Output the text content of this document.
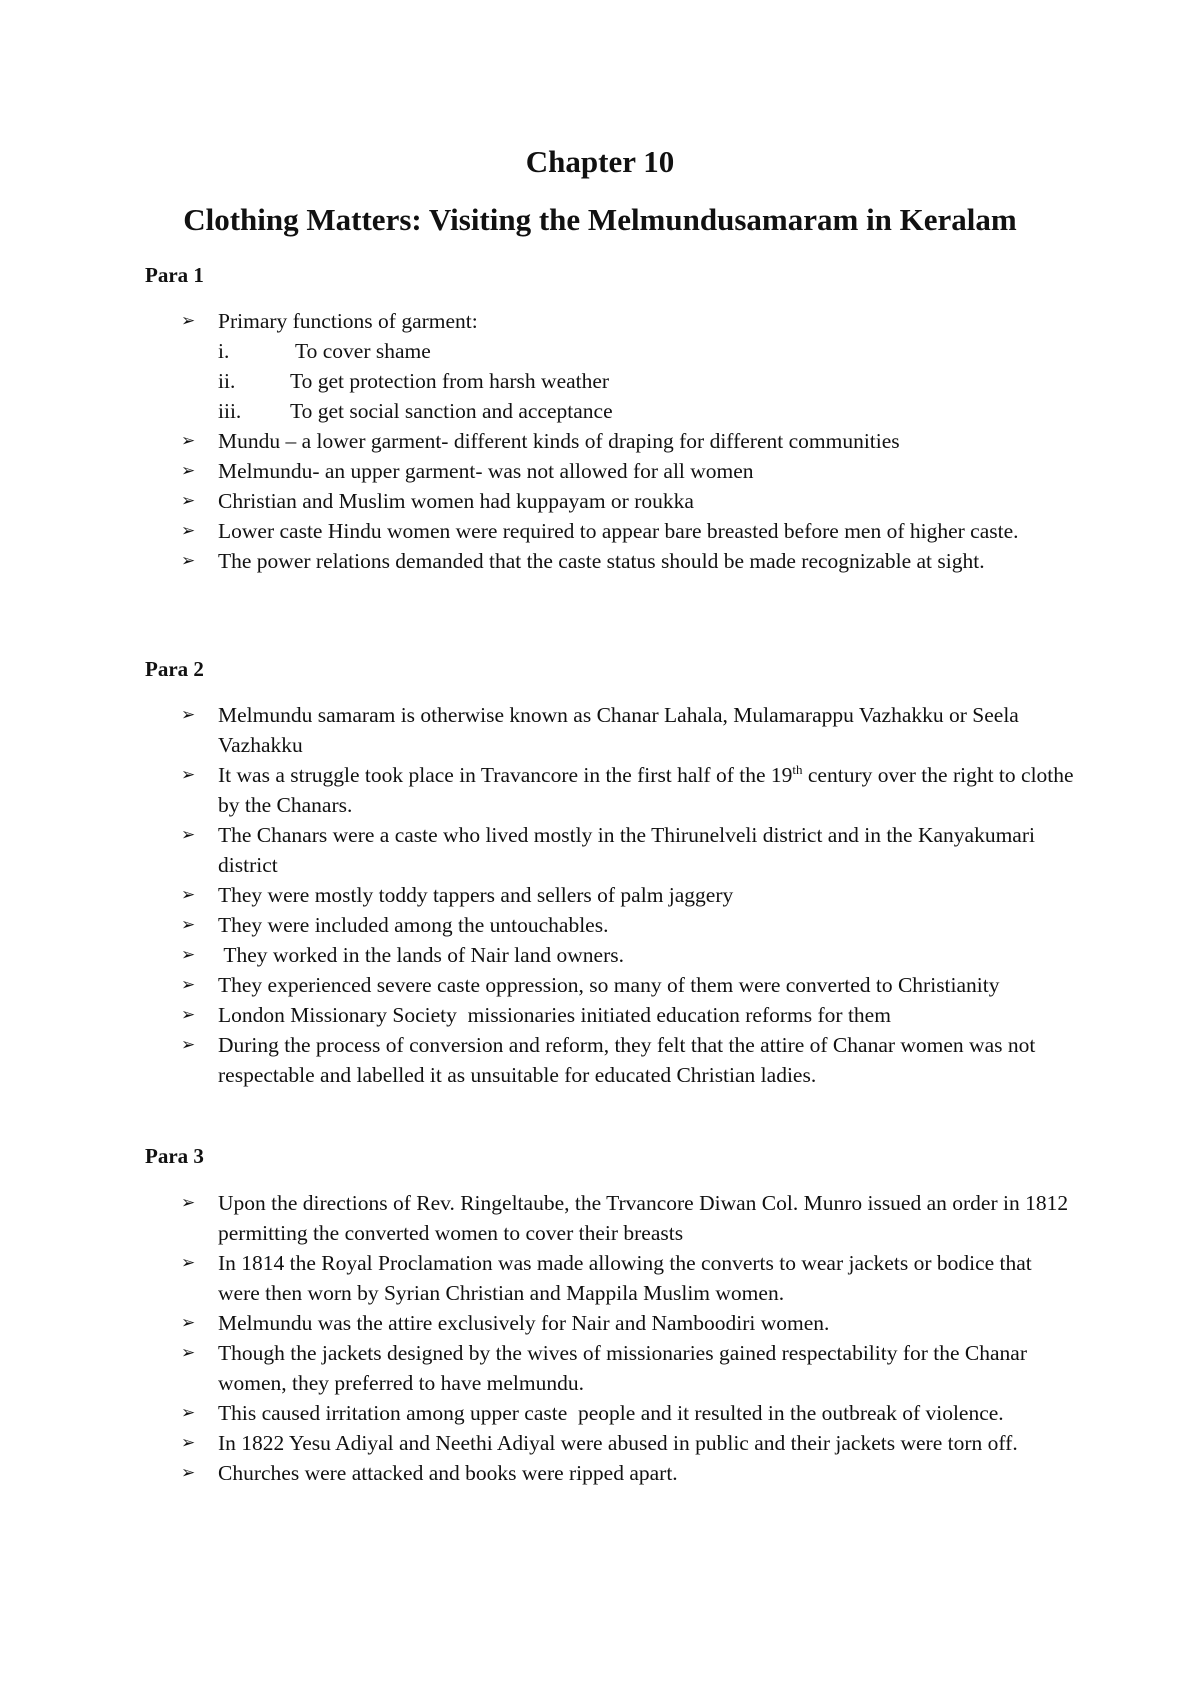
Chapter 10
Clothing Matters: Visiting the Melmundusamaram in Keralam
Para 1
➢ Primary functions of garment:
i.	To cover shame
ii.	To get protection from harsh weather
iii. To get social sanction and acceptance
➢ Mundu – a lower garment- different kinds of draping for different communities
➢ Melmundu- an upper garment- was not allowed for all women
➢ Christian and Muslim women had kuppayam or roukka
➢ Lower caste Hindu women were required to appear bare breasted before men of higher caste.
➢ The power relations demanded that the caste status should be made recognizable at sight.
Para 2
➢ Melmundu samaram is otherwise known as Chanar Lahala, Mulamarappu Vazhakku or Seela Vazhakku
➢ It was a struggle took place in Travancore in the first half of the 19th century over the right to clothe by the Chanars.
➢ The Chanars were a caste who lived mostly in the Thirunelveli district and in the Kanyakumari district
➢ They were mostly toddy tappers and sellers of palm jaggery
➢ They were included among the untouchables.
➢ They worked in the lands of Nair land owners.
➢ They experienced severe caste oppression, so many of them were converted to Christianity
➢ London Missionary Society  missionaries initiated education reforms for them
➢ During the process of conversion and reform, they felt that the attire of Chanar women was not respectable and labelled it as unsuitable for educated Christian ladies.
Para 3
➢ Upon the directions of Rev. Ringeltaube, the Trvancore Diwan Col. Munro issued an order in 1812 permitting the converted women to cover their breasts
➢ In 1814 the Royal Proclamation was made allowing the converts to wear jackets or bodice that were then worn by Syrian Christian and Mappila Muslim women.
➢ Melmundu was the attire exclusively for Nair and Namboodiri women.
➢ Though the jackets designed by the wives of missionaries gained respectability for the Chanar women, they preferred to have melmundu.
➢ This caused irritation among upper caste  people and it resulted in the outbreak of violence.
➢ In 1822 Yesu Adiyal and Neethi Adiyal were abused in public and their jackets were torn off.
➢ Churches were attacked and books were ripped apart.
